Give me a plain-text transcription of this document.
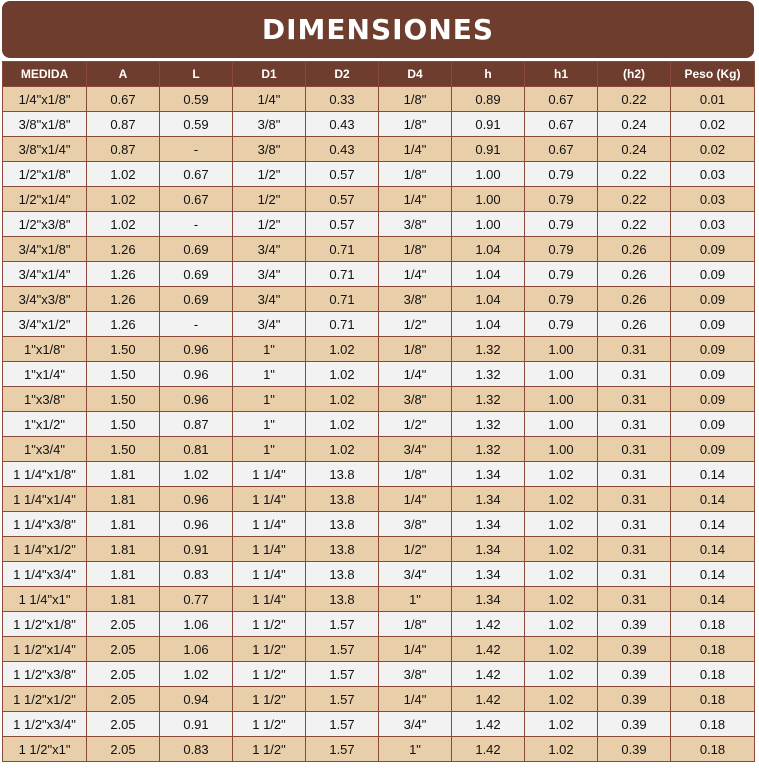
DIMENSIONES
MEDIDA	A	L	D1	D2	D4	h	h1	(h2)	Peso (Kg)
1/4"x1/8"	0.67	0.59	1/4"	0.33	1/8"	0.89	0.67	0.22	0.01
3/8"x1/8"	0.87	0.59	3/8"	0.43	1/8"	0.91	0.67	0.24	0.02
3/8"x1/4"	0.87	-	3/8"	0.43	1/4"	0.91	0.67	0.24	0.02
1/2"x1/8"	1.02	0.67	1/2"	0.57	1/8"	1.00	0.79	0.22	0.03
1/2"x1/4"	1.02	0.67	1/2"	0.57	1/4"	1.00	0.79	0.22	0.03
1/2"x3/8"	1.02	-	1/2"	0.57	3/8"	1.00	0.79	0.22	0.03
3/4"x1/8"	1.26	0.69	3/4"	0.71	1/8"	1.04	0.79	0.26	0.09
3/4"x1/4"	1.26	0.69	3/4"	0.71	1/4"	1.04	0.79	0.26	0.09
3/4"x3/8"	1.26	0.69	3/4"	0.71	3/8"	1.04	0.79	0.26	0.09
3/4"x1/2"	1.26	-	3/4"	0.71	1/2"	1.04	0.79	0.26	0.09
1"x1/8"	1.50	0.96	1"	1.02	1/8"	1.32	1.00	0.31	0.09
1"x1/4"	1.50	0.96	1"	1.02	1/4"	1.32	1.00	0.31	0.09
1"x3/8"	1.50	0.96	1"	1.02	3/8"	1.32	1.00	0.31	0.09
1"x1/2"	1.50	0.87	1"	1.02	1/2"	1.32	1.00	0.31	0.09
1"x3/4"	1.50	0.81	1"	1.02	3/4"	1.32	1.00	0.31	0.09
1 1/4"x1/8"	1.81	1.02	1 1/4"	13.8	1/8"	1.34	1.02	0.31	0.14
1 1/4"x1/4"	1.81	0.96	1 1/4"	13.8	1/4"	1.34	1.02	0.31	0.14
1 1/4"x3/8"	1.81	0.96	1 1/4"	13.8	3/8"	1.34	1.02	0.31	0.14
1 1/4"x1/2"	1.81	0.91	1 1/4"	13.8	1/2"	1.34	1.02	0.31	0.14
1 1/4"x3/4"	1.81	0.83	1 1/4"	13.8	3/4"	1.34	1.02	0.31	0.14
1 1/4"x1"	1.81	0.77	1 1/4"	13.8	1"	1.34	1.02	0.31	0.14
1 1/2"x1/8"	2.05	1.06	1 1/2"	1.57	1/8"	1.42	1.02	0.39	0.18
1 1/2"x1/4"	2.05	1.06	1 1/2"	1.57	1/4"	1.42	1.02	0.39	0.18
1 1/2"x3/8"	2.05	1.02	1 1/2"	1.57	3/8"	1.42	1.02	0.39	0.18
1 1/2"x1/2"	2.05	0.94	1 1/2"	1.57	1/4"	1.42	1.02	0.39	0.18
1 1/2"x3/4"	2.05	0.91	1 1/2"	1.57	3/4"	1.42	1.02	0.39	0.18
1 1/2"x1"	2.05	0.83	1 1/2"	1.57	1"	1.42	1.02	0.39	0.18
